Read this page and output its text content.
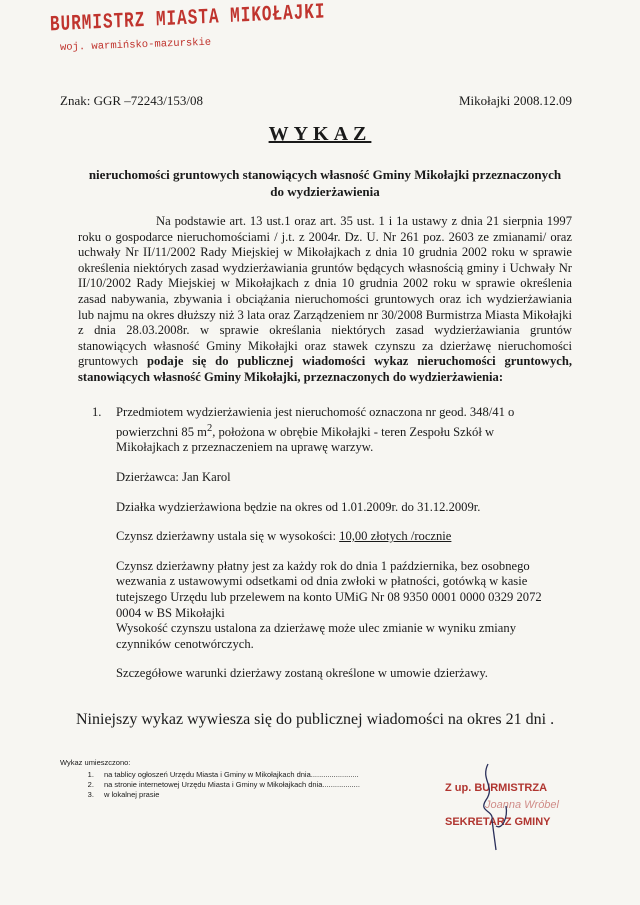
BURMISTRZ MIASTA MIKOŁAJKI
woj. warmińsko-mazurskie
Znak: GGR –72243/153/08	Mikołajki 2008.12.09
WYKAZ
nieruchomości gruntowych stanowiących własność Gminy Mikołajki przeznaczonych
do wydzierżawienia
Na podstawie art. 13 ust.1 oraz art. 35 ust. 1 i 1a ustawy z dnia 21 sierpnia 1997 roku o gospodarce nieruchomościami / j.t. z 2004r. Dz. U. Nr 261 poz. 2603 ze zmianami/ oraz uchwały Nr II/11/2002 Rady Miejskiej w Mikołajkach z dnia 10 grudnia 2002 roku w sprawie określenia niektórych zasad wydzierżawiania gruntów będących własnością gminy i Uchwały Nr II/10/2002 Rady Miejskiej w Mikołajkach z dnia 10 grudnia 2002 roku w sprawie określenia zasad nabywania, zbywania i obciążania nieruchomości gruntowych oraz ich wydzierżawiania lub najmu na okres dłuższy niż 3 lata oraz Zarządzeniem nr 30/2008 Burmistrza Miasta Mikołajki z dnia 28.03.2008r. w sprawie określania niektórych zasad wydzierżawiania gruntów stanowiących własność Gminy Mikołajki oraz stawek czynszu za dzierżawę nieruchomości gruntowych podaje się do publicznej wiadomości wykaz nieruchomości gruntowych, stanowiących własność Gminy Mikołajki, przeznaczonych do wydzierżawienia:
1. Przedmiotem wydzierżawienia jest nieruchomość oznaczona nr geod. 348/41 o powierzchni 85 $m^2$, położona w obrębie Mikołajki - teren Zespołu Szkół w Mikołajkach z przeznaczeniem na uprawę warzyw.

Dzierżawca: Jan Karol

Działka wydzierżawiona będzie na okres od 1.01.2009r. do 31.12.2009r.

Czynsz dzierżawny ustala się w wysokości: 10,00 złotych /rocznie

Czynsz dzierżawny płatny jest za każdy rok do dnia 1 października, bez osobnego wezwania z ustawowymi odsetkami od dnia zwłoki w płatności, gotówką w kasie tutejszego Urzędu lub przelewem na konto UMiG Nr 08 9350 0001 0000 0329 2072 0004 w BS Mikołajki

Wysokość czynszu ustalona za dzierżawę może ulec zmianie w wyniku zmiany czynników cenotwórczych.

Szczegółowe warunki dzierżawy zostaną określone w umowie dzierżawy.

Niniejszy wykaz wywiesza się do publicznej wiadomości na okres 21 dni .
Wykaz umieszczono:
1. na tablicy ogłoszeń Urzędu Miasta i Gminy w Mikołajkach dnia.......................
2. na stronie internetowej Urzędu Miasta i Gminy w Mikołajkach dnia..................
3. w lokalnej prasie
Z up. BURMISTRZA
Joanna Wróbel
SEKRETARZ GMINY
